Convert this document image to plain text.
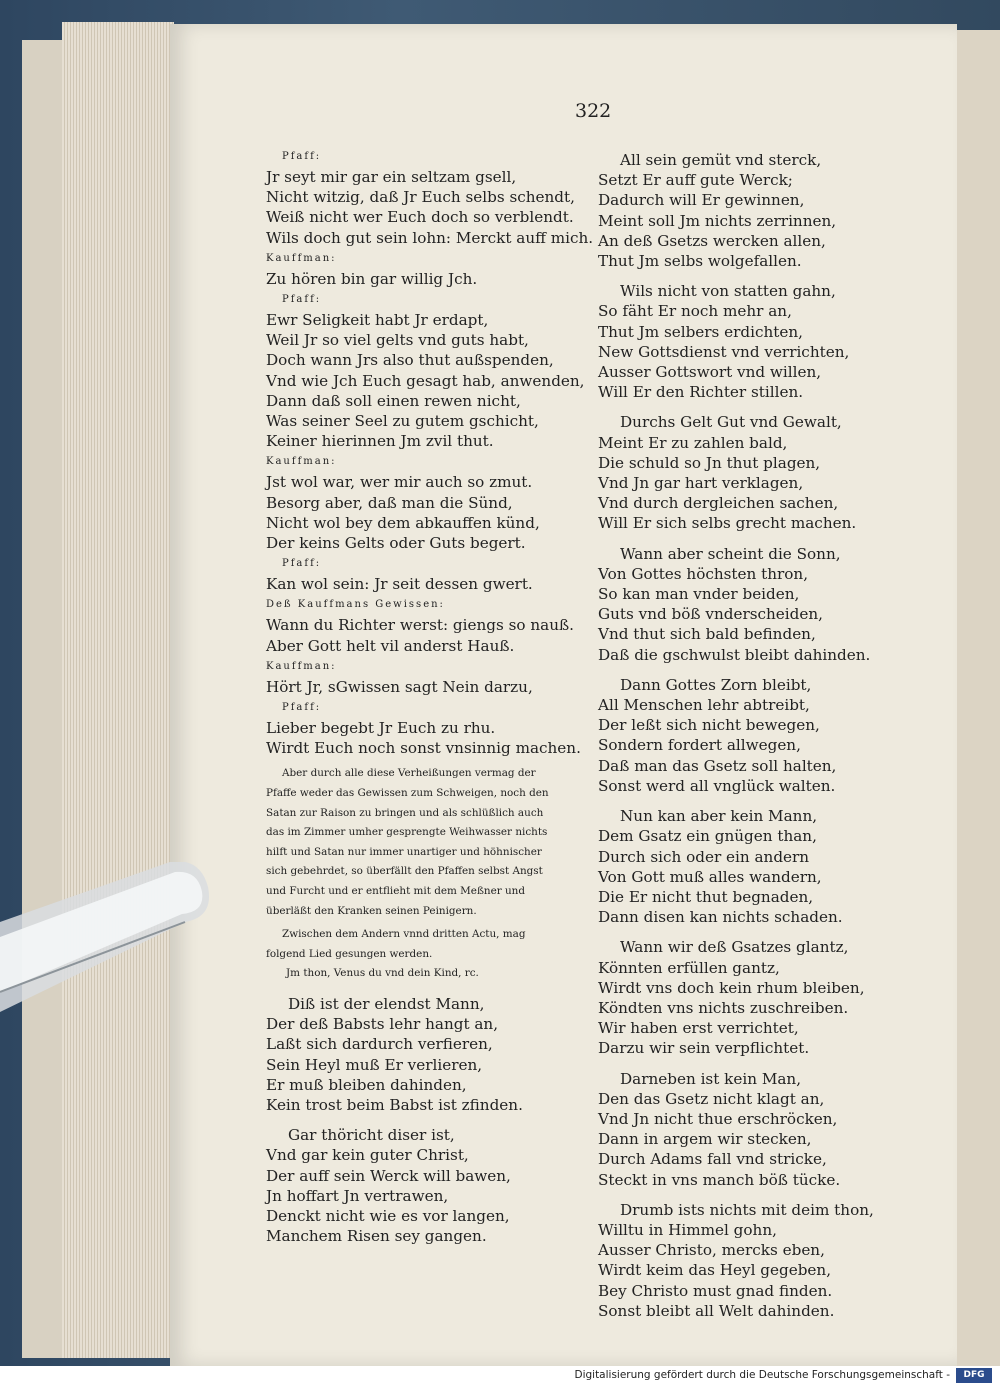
322
Pfaff:
Jr seyt mir gar ein seltzam gsell,
Nicht witzig, daß Jr Euch selbs schendt,
Weiß nicht wer Euch doch so verblendt.
Wils doch gut sein lohn: Merckt auff mich.
Kauffman:
Zu hören bin gar willig Jch.
Pfaff:
Ewr Seligkeit habt Jr erdapt,
Weil Jr so viel gelts vnd guts habt,
Doch wann Jrs also thut außspenden,
Vnd wie Jch Euch gesagt hab, anwenden,
Dann daß soll einen rewen nicht,
Was seiner Seel zu gutem gschicht,
Keiner hierinnen Jm zvil thut.
Kauffman:
Jst wol war, wer mir auch so zmut.
Besorg aber, daß man die Sünd,
Nicht wol bey dem abkauffen künd,
Der keins Gelts oder Guts begert.
Pfaff:
Kan wol sein: Jr seit dessen gwert.
Deß Kauffmans Gewissen:
Wann du Richter werst: giengs so nauß.
Aber Gott helt vil anderst Hauß.
Kauffman:
Hört Jr, sGwissen sagt Nein darzu,
Pfaff:
Lieber begebt Jr Euch zu rhu.
Wirdt Euch noch sonst vnsinnig machen.
Aber durch alle diese Verheißungen vermag der
Pfaffe weder das Gewissen zum Schweigen, noch den
Satan zur Raison zu bringen und als schlüßlich auch
das im Zimmer umher gesprengte Weihwasser nichts
hilft und Satan nur immer unartiger und höhnischer
sich gebehrdet, so überfällt den Pfaffen selbst Angst
und Furcht und er entflieht mit dem Meßner und
überläßt den Kranken seinen Peinigern.
Zwischen dem Andern vnnd dritten Actu, mag
folgend Lied gesungen werden.
Jm thon, Venus du vnd dein Kind, rc.
Diß ist der elendst Mann,
Der deß Babsts lehr hangt an,
Laßt sich dardurch verfieren,
Sein Heyl muß Er verlieren,
Er muß bleiben dahinden,
Kein trost beim Babst ist zfinden.
Gar thöricht diser ist,
Vnd gar kein guter Christ,
Der auff sein Werck will bawen,
Jn hoffart Jn vertrawen,
Denckt nicht wie es vor langen,
Manchem Risen sey gangen.
All sein gemüt vnd sterck,
Setzt Er auff gute Werck;
Dadurch will Er gewinnen,
Meint soll Jm nichts zerrinnen,
An deß Gsetzs wercken allen,
Thut Jm selbs wolgefallen.
Wils nicht von statten gahn,
So fäht Er noch mehr an,
Thut Jm selbers erdichten,
New Gottsdienst vnd verrichten,
Ausser Gottswort vnd willen,
Will Er den Richter stillen.
Durchs Gelt Gut vnd Gewalt,
Meint Er zu zahlen bald,
Die schuld so Jn thut plagen,
Vnd Jn gar hart verklagen,
Vnd durch dergleichen sachen,
Will Er sich selbs grecht machen.
Wann aber scheint die Sonn,
Von Gottes höchsten thron,
So kan man vnder beiden,
Guts vnd böß vnderscheiden,
Vnd thut sich bald befinden,
Daß die gschwulst bleibt dahinden.
Dann Gottes Zorn bleibt,
All Menschen lehr abtreibt,
Der leßt sich nicht bewegen,
Sondern fordert allwegen,
Daß man das Gsetz soll halten,
Sonst werd all vnglück walten.
Nun kan aber kein Mann,
Dem Gsatz ein gnügen than,
Durch sich oder ein andern
Von Gott muß alles wandern,
Die Er nicht thut begnaden,
Dann disen kan nichts schaden.
Wann wir deß Gsatzes glantz,
Könnten erfüllen gantz,
Wirdt vns doch kein rhum bleiben,
Köndten vns nichts zuschreiben.
Wir haben erst verrichtet,
Darzu wir sein verpflichtet.
Darneben ist kein Man,
Den das Gsetz nicht klagt an,
Vnd Jn nicht thue erschröcken,
Dann in argem wir stecken,
Durch Adams fall vnd stricke,
Steckt in vns manch böß tücke.
Drumb ists nichts mit deim thon,
Willtu in Himmel gohn,
Ausser Christo, mercks eben,
Wirdt keim das Heyl gegeben,
Bey Christo must gnad finden.
Sonst bleibt all Welt dahinden.
Digitalisierung gefördert durch die Deutsche Forschungsgemeinschaft -	DFG
